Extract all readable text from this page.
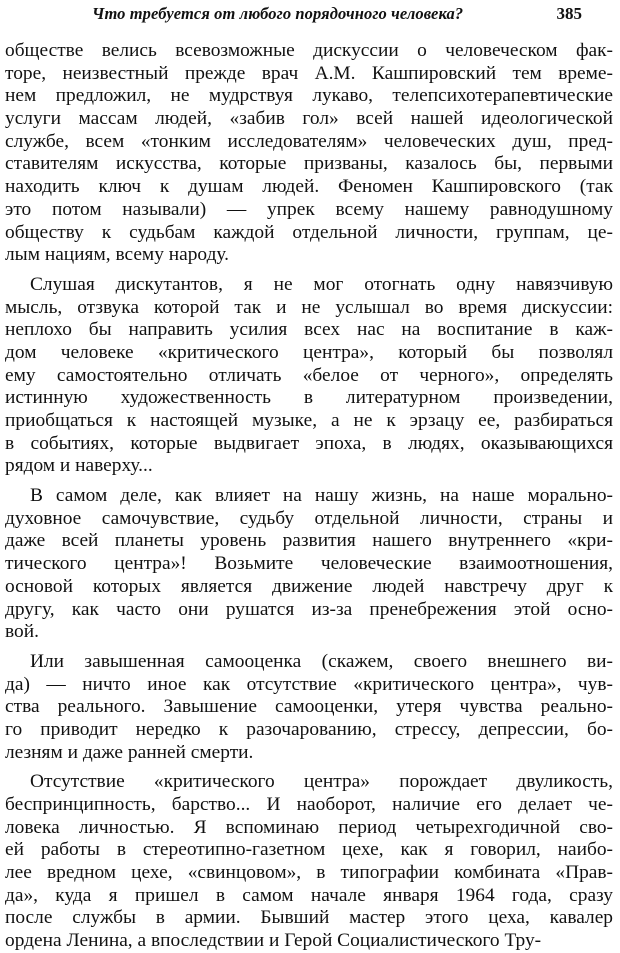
Что требуется от любого порядочного человека?	385
обществе велись всевозможные дискуссии о человеческом фак-
торе, неизвестный прежде врач А.М. Кашпировский тем време-
нем предложил, не мудрствуя лукаво, телепсихотерапевтические
услуги массам людей, «забив гол» всей нашей идеологической
службе, всем «тонким исследователям» человеческих душ, пред-
ставителям искусства, которые призваны, казалось бы, первыми
находить ключ к душам людей. Феномен Кашпировского (так
это потом называли) — упрек всему нашему равнодушному
обществу к судьбам каждой отдельной личности, группам, це-
лым нациям, всему народу.
Слушая дискутантов, я не мог отогнать одну навязчивую
мысль, отзвука которой так и не услышал во время дискуссии:
неплохо бы направить усилия всех нас на воспитание в каж-
дом человеке «критического центра», который бы позволял
ему самостоятельно отличать «белое от черного», определять
истинную художественность в литературном произведении,
приобщаться к настоящей музыке, а не к эрзацу ее, разбираться
в событиях, которые выдвигает эпоха, в людях, оказывающихся
рядом и наверху...
В самом деле, как влияет на нашу жизнь, на наше морально-
духовное самочувствие, судьбу отдельной личности, страны и
даже всей планеты уровень развития нашего внутреннего «кри-
тического центра»! Возьмите человеческие взаимоотношения,
основой которых является движение людей навстречу друг к
другу, как часто они рушатся из-за пренебрежения этой осно-
вой.
Или завышенная самооценка (скажем, своего внешнего ви-
да) — ничто иное как отсутствие «критического центра», чув-
ства реального. Завышение самооценки, утеря чувства реально-
го приводит нередко к разочарованию, стрессу, депрессии, бо-
лезням и даже ранней смерти.
Отсутствие «критического центра» порождает двуликость,
беспринципность, барство... И наоборот, наличие его делает че-
ловека личностью. Я вспоминаю период четырехгодичной сво-
ей работы в стереотипно-газетном цехе, как я говорил, наибо-
лее вредном цехе, «свинцовом», в типографии комбината «Прав-
да», куда я пришел в самом начале января 1964 года, сразу
после службы в армии. Бывший мастер этого цеха, кавалер
ордена Ленина, а впоследствии и Герой Социалистического Тру-
